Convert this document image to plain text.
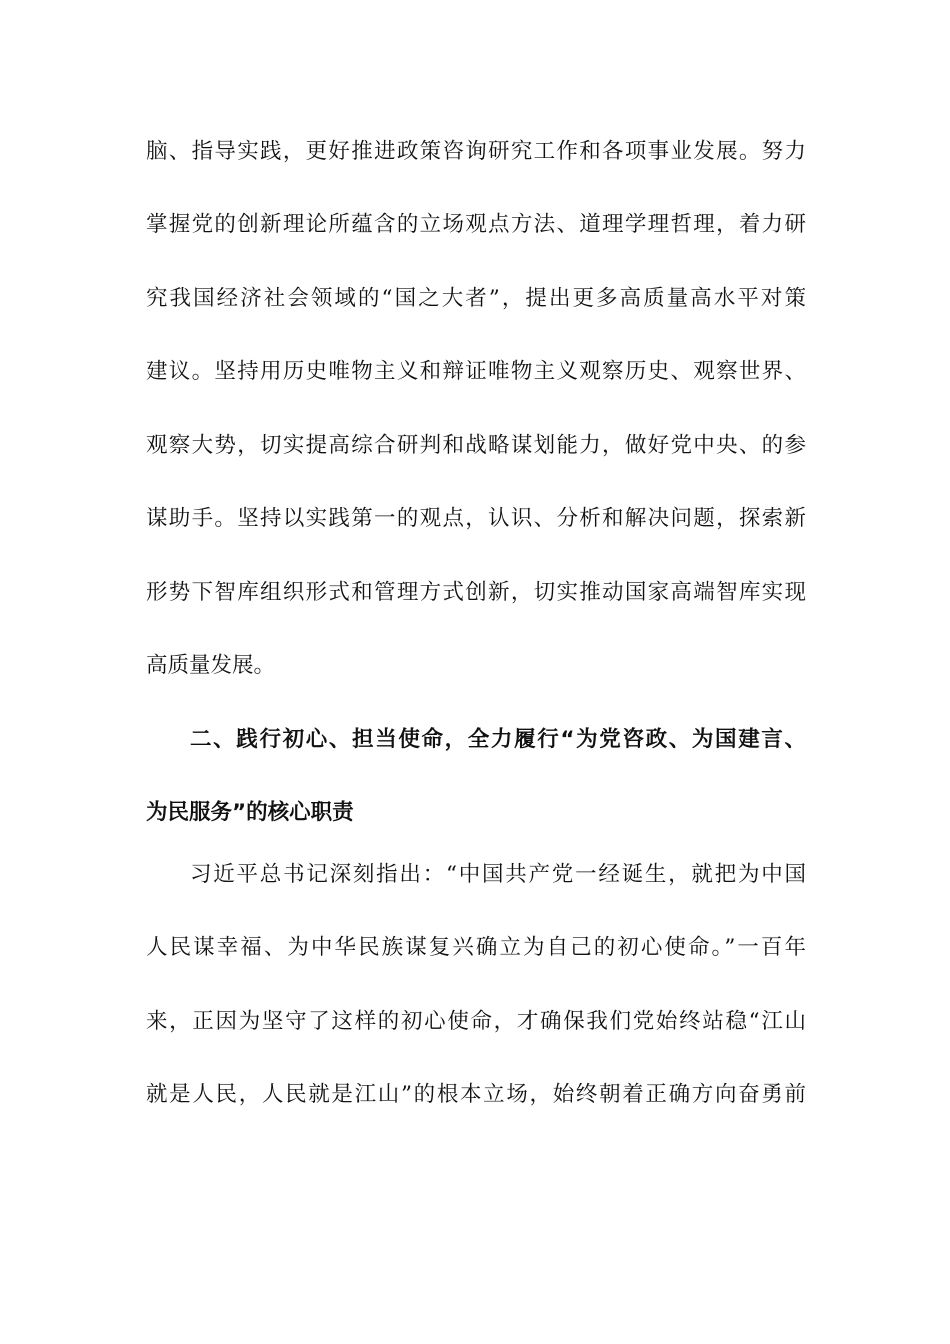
脑、指导实践，更好推进政策咨询研究工作和各项事业发展。努力
掌握党的创新理论所蕴含的立场观点方法、道理学理哲理，着力研
究我国经济社会领域的“国之大者”，提出更多高质量高水平对策
建议。坚持用历史唯物主义和辩证唯物主义观察历史、观察世界、
观察大势，切实提高综合研判和战略谋划能力，做好党中央、的参
谋助手。坚持以实践第一的观点，认识、分析和解决问题，探索新
形势下智库组织形式和管理方式创新，切实推动国家高端智库实现
高质量发展。
二、践行初心、担当使命，全力履行“为党咨政、为国建言、
为民服务”的核心职责
习近平总书记深刻指出：“中国共产党一经诞生，就把为中国
人民谋幸福、为中华民族谋复兴确立为自己的初心使命。”一百年
来，正因为坚守了这样的初心使命，才确保我们党始终站稳“江山
就是人民，人民就是江山”的根本立场，始终朝着正确方向奋勇前
